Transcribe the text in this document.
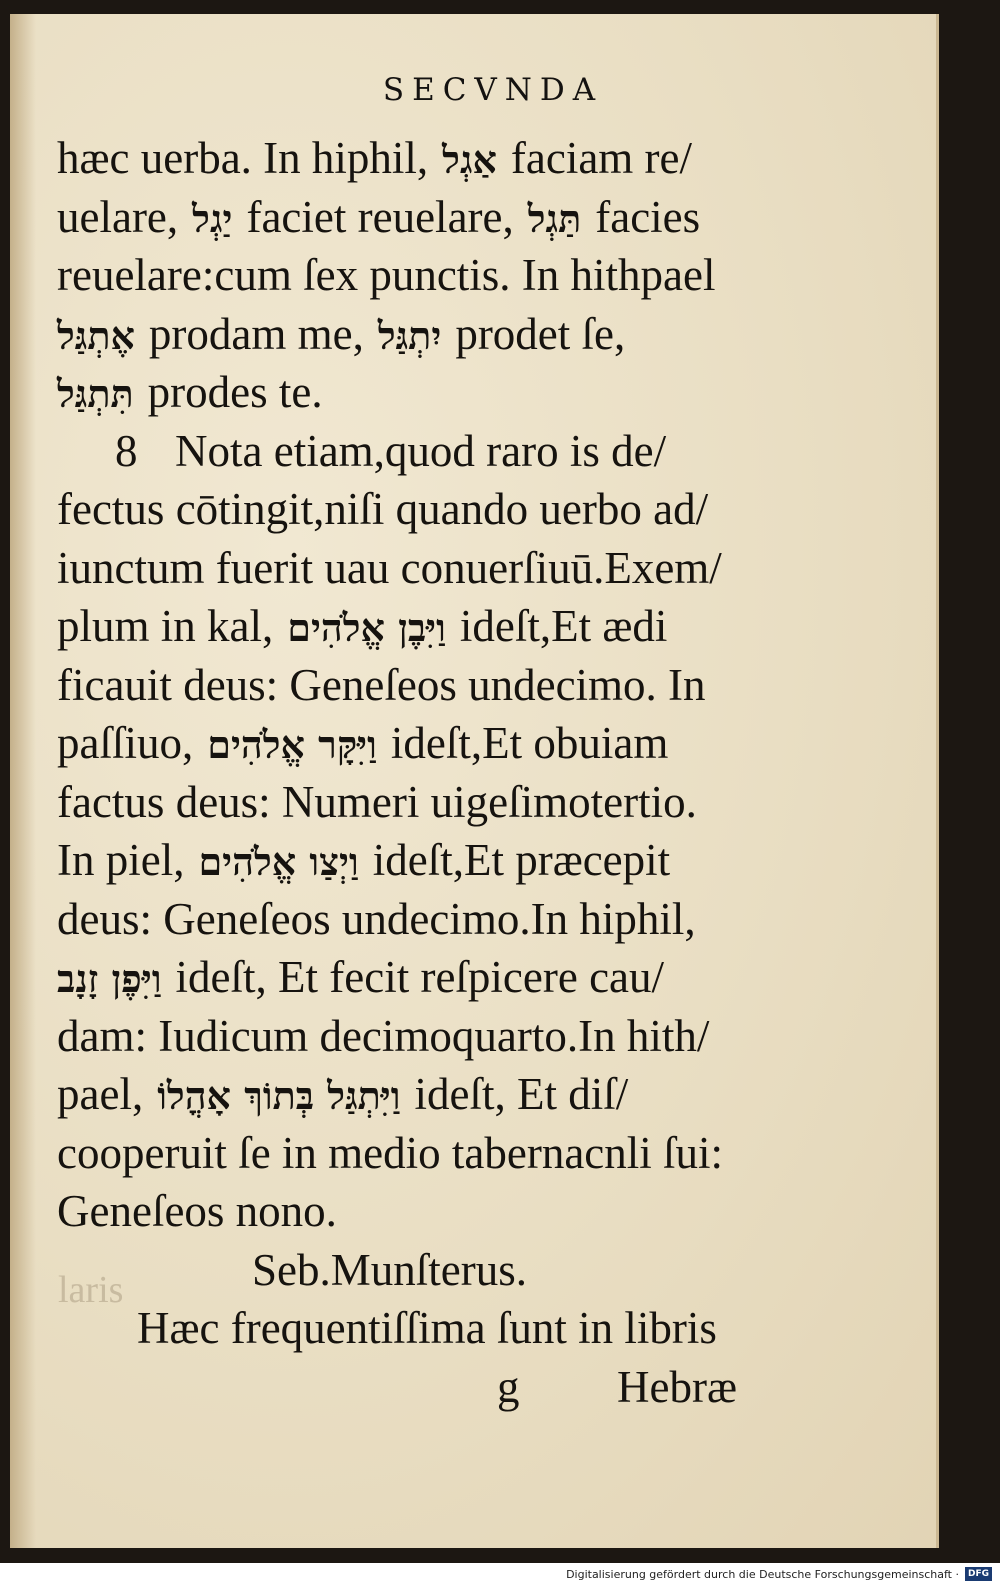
SECVNDA
laris
hæc uerba. In hiphil, אַגְל faciam re/
uelare, יַגְל faciet reuelare, תַּגְל facies
reuelare:cum ſex punctis. In hithpael
אֶתְגַּל prodam me, יִתְגַּל prodet ſe,
תִּתְגַּל prodes te.
8 Nota etiam,quod raro is de/
fectus cōtingit,niſi quando uerbo ad/
iunctum fuerit uau conuerſiuū.Exem/
plum in kal, וַיִּבֶן אֱלֹהִים ideſt,Et ædi
ficauit deus: Geneſeos undecimo. In
paſſiuo, וַיִּקָּר אֱלֹהִים ideſt,Et obuiam
factus deus: Numeri uigeſimotertio.
In piel, וַיְצַו אֱלֹהִים ideſt,Et præcepit
deus: Geneſeos undecimo.In hiphil,
וַיִּפֶן זָנָב ideſt, Et fecit reſpicere cau/
dam: Iudicum decimoquarto.In hith/
pael, וַיִּתְגַּל בְּתוֹךְ אָהֳלוֹ ideſt, Et diſ/
cooperuit ſe in medio tabernacnli ſui:
Geneſeos nono.
Seb.Munſterus.
Hæc frequentiſſima ſunt in libris
g Hebræ
Digitalisierung gefördert durch die Deutsche Forschungsgemeinschaft ·	DFG
